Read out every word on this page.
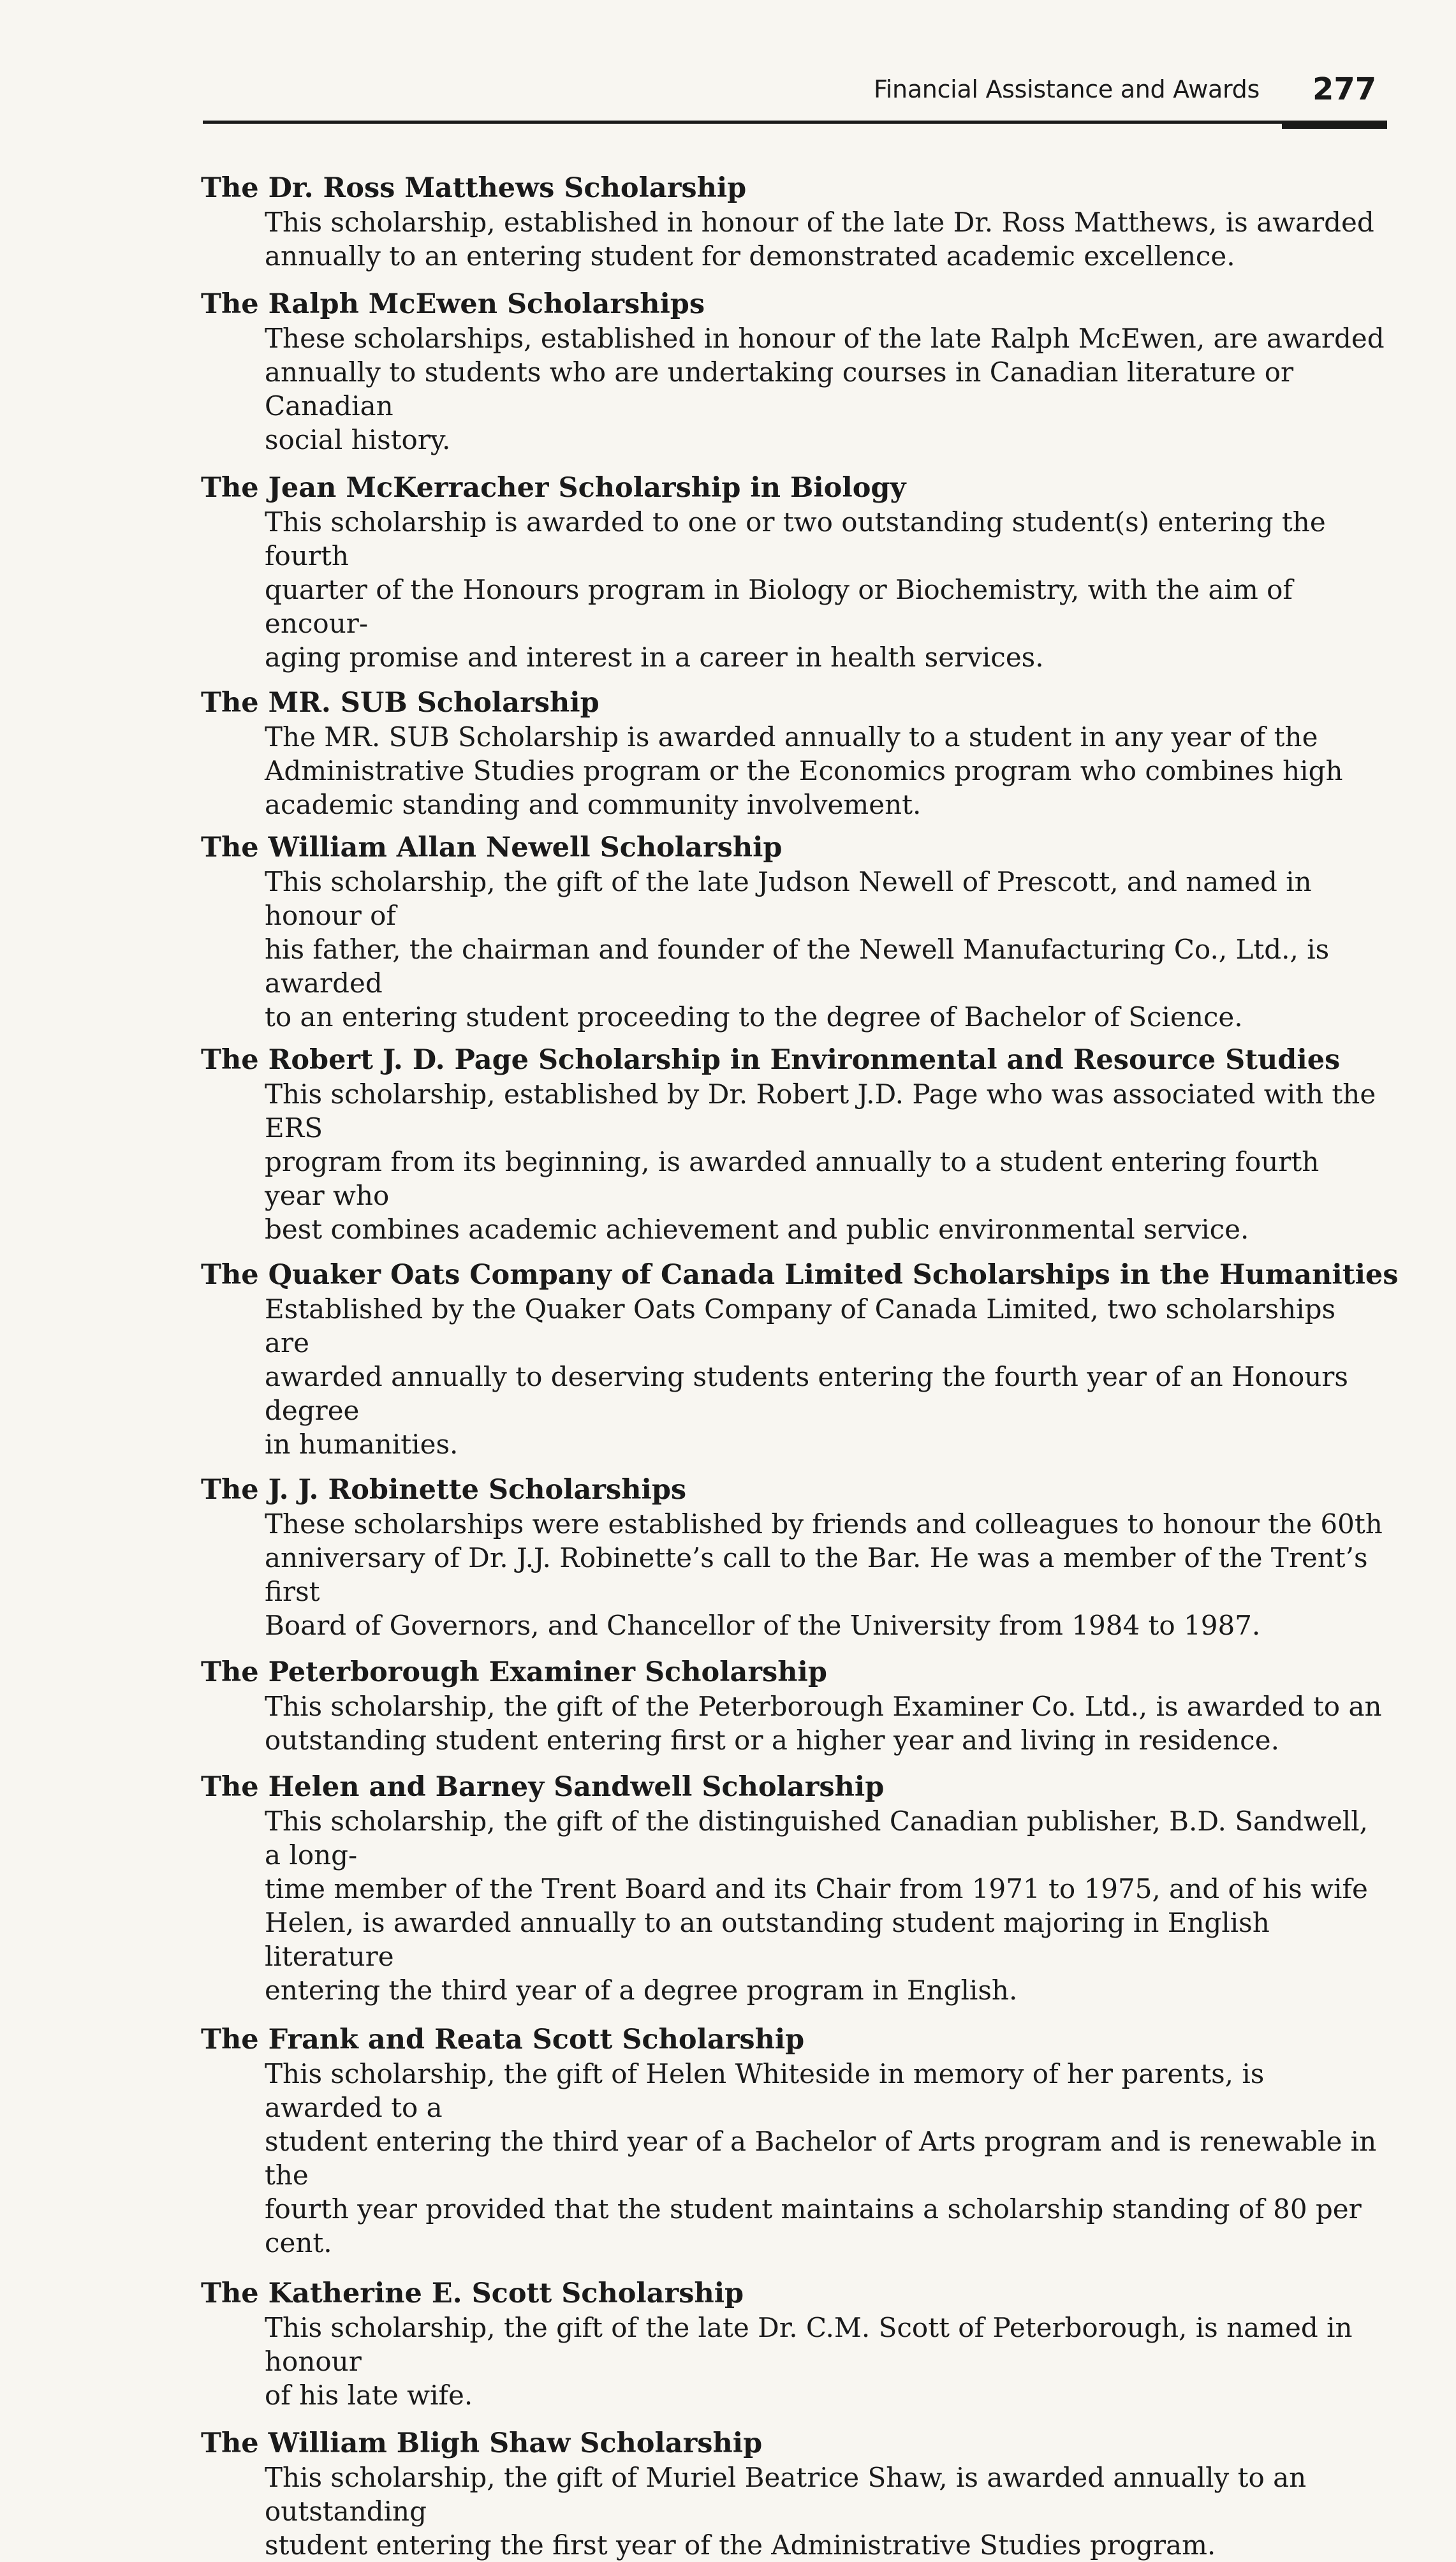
Financial Assistance and Awards 277

The Dr. Ross Matthews Scholarship

This scholarship, established in honour of the late Dr. Ross Matthews, is awarded
annually to an entering student for demonstrated academic excellence.

The Ralph McEwen Scholarships

These scholarships, established in honour of the late Ralph McEwen, are awarded
annually to students who are undertaking courses in Canadian literature or Canadian
social history.

The Jean McKerracher Scholarship in Biology

This scholarship is awarded to one or two outstanding student(s) entering the fourth
quarter of the Honours program in Biology or Biochemistry, with the aim of encour-
aging promise and interest in a career in health services.

The MR. SUB Scholarship

The MR. SUB Scholarship is awarded annually to a student in any year of the
Administrative Studies program or the Economics program who combines high
academic standing and community involvement.

The William Allan Newell Scholarship

This scholarship, the gift of the late Judson Newell of Prescott, and named in honour of
his father, the chairman and founder of the Newell Manufacturing Co., Ltd., is awarded
to an entering student proceeding to the degree of Bachelor of Science.

The Robert J. D. Page Scholarship in Environmental and Resource Studies

This scholarship, established by Dr. Robert J.D. Page who was associated with the ERS
program from its beginning, is awarded annually to a student entering fourth year who
best combines academic achievement and public environmental service.

The Quaker Oats Company of Canada Limited Scholarships in the Humanities

Established by the Quaker Oats Company of Canada Limited, two scholarships are
awarded annually to deserving students entering the fourth year of an Honours degree
in humanities.

The J. J. Robinette Scholarships

These scholarships were established by friends and colleagues to honour the 60th
anniversary of Dr. J.J. Robinette’s call to the Bar. He was a member of the Trent’s first
Board of Governors, and Chancellor of the University from 1984 to 1987.

The Peterborough Examiner Scholarship

This scholarship, the gift of the Peterborough Examiner Co. Ltd., is awarded to an
outstanding student entering first or a higher year and living in residence.

The Helen and Barney Sandwell Scholarship

This scholarship, the gift of the distinguished Canadian publisher, B.D. Sandwell, a long-
time member of the Trent Board and its Chair from 1971 to 1975, and of his wife
Helen, is awarded annually to an outstanding student majoring in English literature
entering the third year of a degree program in English.

The Frank and Reata Scott Scholarship

This scholarship, the gift of Helen Whiteside in memory of her parents, is awarded to a
student entering the third year of a Bachelor of Arts program and is renewable in the
fourth year provided that the student maintains a scholarship standing of 80 per cent.

The Katherine E. Scott Scholarship

This scholarship, the gift of the late Dr. C.M. Scott of Peterborough, is named in honour
of his late wife.

The William Bligh Shaw Scholarship

This scholarship, the gift of Muriel Beatrice Shaw, is awarded annually to an outstanding
student entering the first year of the Administrative Studies program.
